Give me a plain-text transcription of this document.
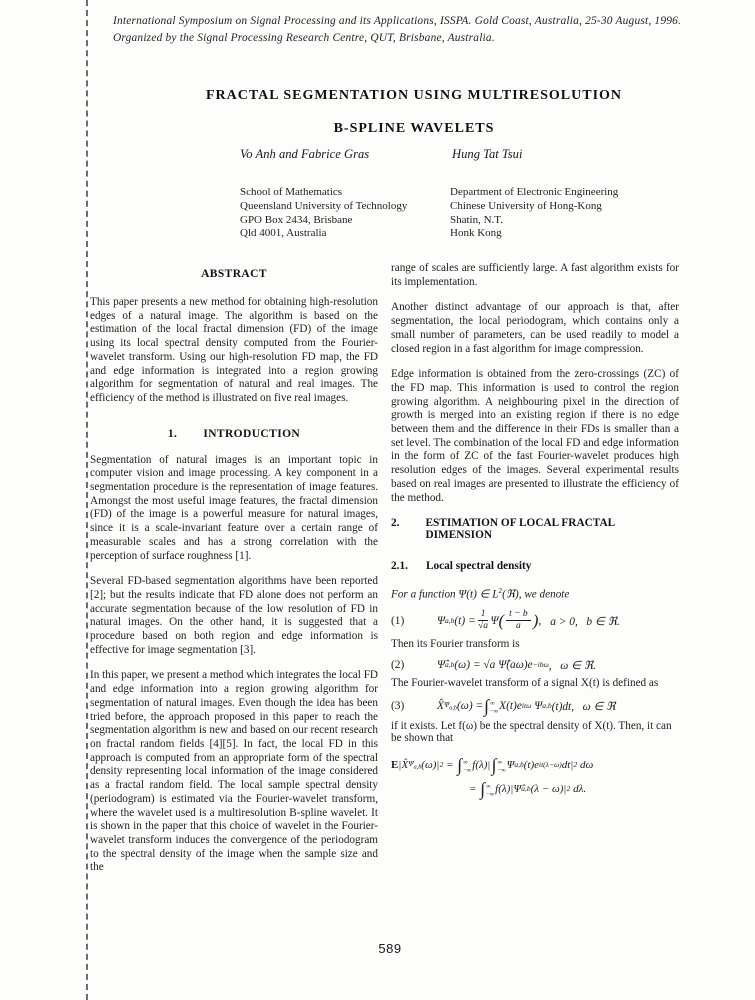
International Symposium on Signal Processing and its Applications, ISSPA. Gold Coast, Australia, 25-30 August, 1996.
Organized by the Signal Processing Research Centre, QUT, Brisbane, Australia.
FRACTAL SEGMENTATION USING MULTIRESOLUTION
B-SPLINE WAVELETS
Vo Anh and Fabrice Gras	Hung Tat Tsui
School of Mathematics
Queensland University of Technology
GPO Box 2434, Brisbane
Qld 4001, Australia
Department of Electronic Engineering
Chinese University of Hong-Kong
Shatin, N.T.
Honk Kong
ABSTRACT

This paper presents a new method for obtaining high-resolution edges of a natural image. The algorithm is based on the estimation of the local fractal dimension (FD) of the image using its local spectral density computed from the Fourier-wavelet transform. Using our high-resolution FD map, the FD and edge information is integrated into a region growing algorithm for segmentation of natural and real images. The efficiency of the method is illustrated on five real images.

1. INTRODUCTION

Segmentation of natural images is an important topic in computer vision and image processing. A key component in a segmentation procedure is the representation of image features. Amongst the most useful image features, the fractal dimension (FD) of the image is a powerful measure for natural images, since it is a scale-invariant feature over a certain range of measurable scales and has a strong correlation with the perception of surface roughness [1].

Several FD-based segmentation algorithms have been reported [2]; but the results indicate that FD alone does not perform an accurate segmentation because of the low resolution of FD in natural images. On the other hand, it is suggested that a procedure based on both region and edge information is effective for image segmentation [3].

In this paper, we present a method which integrates the local FD and edge information into a region growing algorithm for segmentation of natural images. Even though the idea has been tried before, the approach proposed in this paper to reach the segmentation algorithm is new and based on our recent research on fractal random fields [4][5]. In fact, the local FD in this approach is computed from an appropriate form of the spectral density representing local information of the image considered as a fractal random field. The local sample spectral density (periodogram) is estimated via the Fourier-wavelet transform, where the wavelet used is a multiresolution B-spline wavelet. It is shown in the paper that this choice of wavelet in the Fourier-wavelet transform induces the convergence of the periodogram to the spectral density of the image when the sample size and the

range of scales are sufficiently large. A fast algorithm exists for its implementation.

Another distinct advantage of our approach is that, after segmentation, the local periodogram, which contains only a small number of parameters, can be used readily to model a closed region in a fast algorithm for image compression.

Edge information is obtained from the zero-crossings (ZC) of the FD map. This information is used to control the region growing algorithm. A neighbouring pixel in the direction of growth is merged into an existing region if there is no edge between them and the difference in their FDs is smaller than a set level. The combination of the local FD and edge information in the form of ZC of the fast Fourier-wavelet produces high resolution edges of the images. Several experimental results based on real images are presented to illustrate the efficiency of the method.

2. ESTIMATION OF LOCAL FRACTAL DIMENSION
2.1. Local spectral density
For a function Ψ(t) ∈ $L^2(ℜ)$, we denote
(1)	Ψ a,b $(t) = \frac{1}{√a}$ Ψ ( $\frac{t - b}{a}$ ) , a > 0,   b ∈ ℜ.
Then its Fourier transform is
(2)	Ψ̂ a,b (ω) = √a Ψ̂(aω)e −ibω ,   ω ∈ ℜ.
The Fourier-wavelet transform of a signal X(t) is defined as
(3)	X̂ $\Psi_{a,b}$ (ω) = ∫ ∞
−∞ X(t)e itω Ψ a,b (t)dt,   ω ∈ ℜ
if it exists. Let f(ω) be the spectral density of X(t). Then, it can be shown that
E | X̂ $\Psi_{a,b}$ (ω) | 2 = ∫ ∞
−∞ f(λ) | ∫ ∞
−∞ Ψ a,b (t)e it(λ−ω) dt | 2 dω
= ∫ ∞
−∞ f(λ) | Ψ̂ a,b (λ − ω) | 2 dλ.
589
